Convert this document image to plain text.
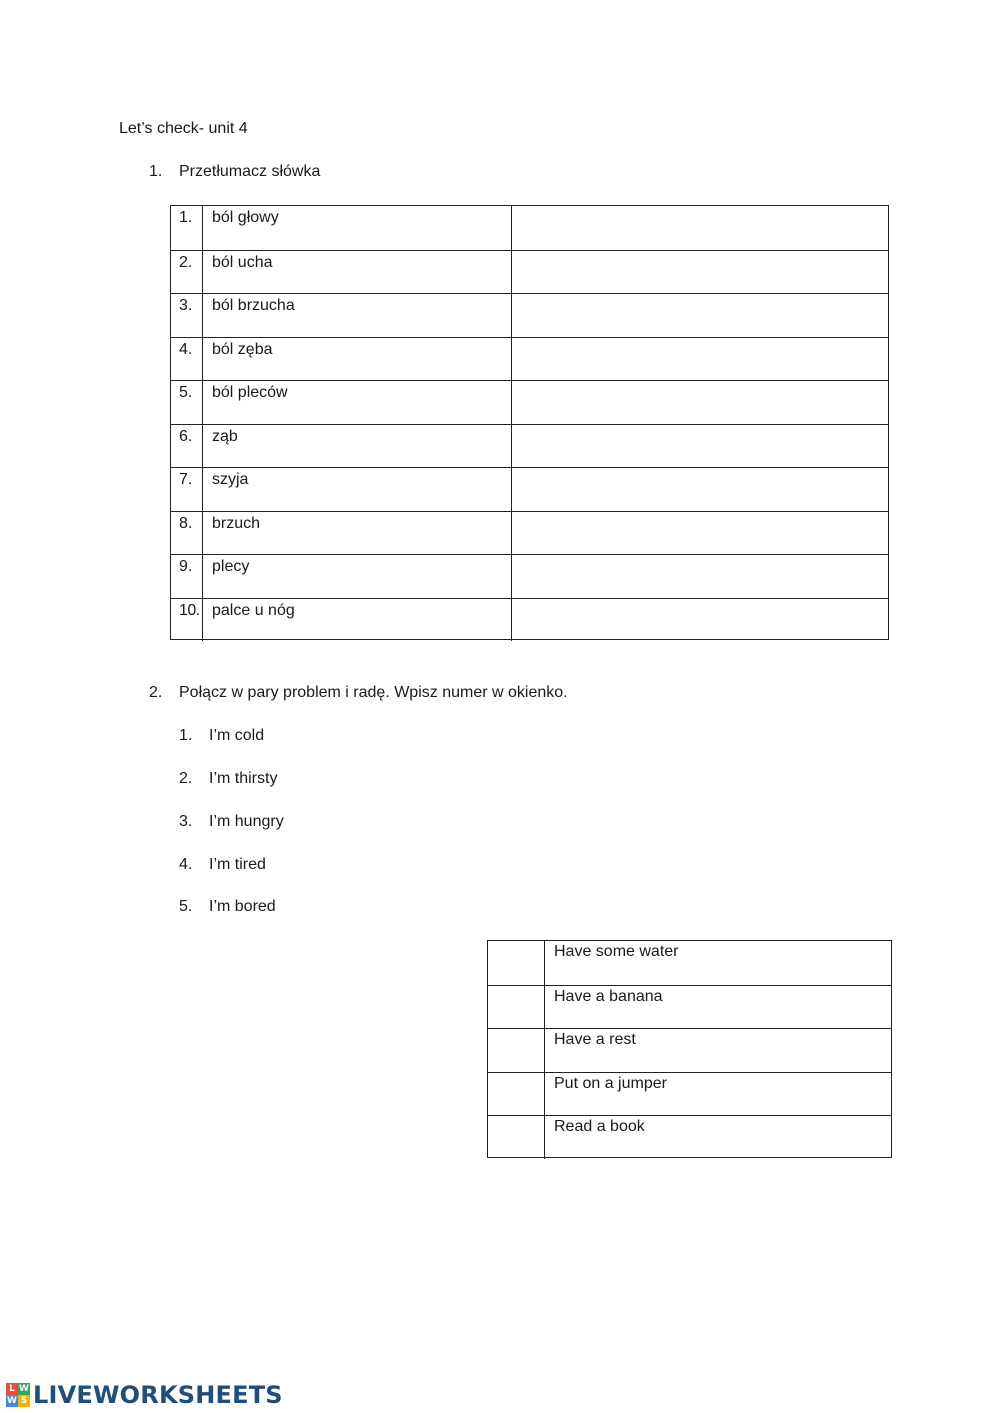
Let’s check- unit 4
1. Przetłumacz słówka
1.	ból głowy
2.	ból ucha
3.	ból brzucha
4.	ból zęba
5.	ból pleców
6.	ząb
7.	szyja
8.	brzuch
9.	plecy
10. palce u nóg
2. Połącz w pary problem i radę. Wpisz numer w okienko.
1. I’m cold
2. I’m thirsty
3. I’m hungry
4. I’m tired
5. I’m bored
Have some water
Have a banana
Have a rest
Put on a jumper
Read a book
L W
W S LIVEWORKSHEETS
